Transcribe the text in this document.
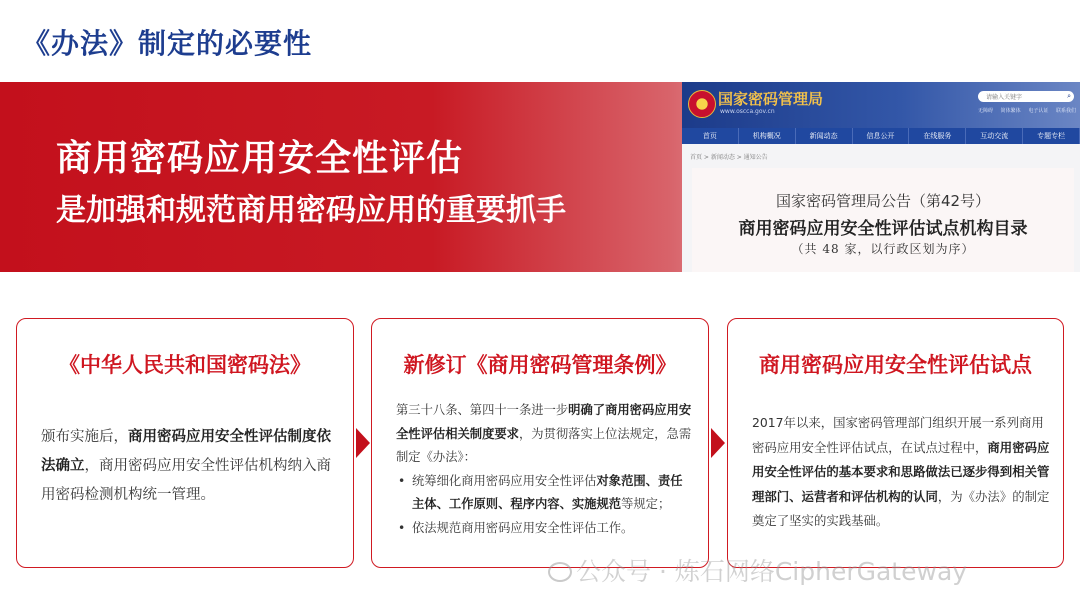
《办法》制定的必要性
商用密码应用安全性评估
是加强和规范商用密码应用的重要抓手
国家密码管理局
www.oscca.gov.cn
请输入关键字	⌕
无障碍 简体繁体 电子认证 联系我们
首页	机构概况	新闻动态	信息公开	在线服务	互动交流	专题专栏
首页 > 新闻动态 > 通知公告
国家密码管理局公告（第42号）
商用密码应用安全性评估试点机构目录
（共 48 家，以行政区划为序）
《中华人民共和国密码法》
颁布实施后，商用密码应用安全性评估制度依法确立，商用密码应用安全性评估机构纳入商用密码检测机构统一管理。
新修订《商用密码管理条例》
第三十八条、第四十一条进一步明确了商用密码应用安全性评估相关制度要求，为贯彻落实上位法规定，急需制定《办法》：
• 统筹细化商用密码应用安全性评估对象范围、责任主体、工作原则、程序内容、实施规范等规定；
• 依法规范商用密码应用安全性评估工作。
商用密码应用安全性评估试点
2017年以来，国家密码管理部门组织开展一系列商用密码应用安全性评估试点，在试点过程中，商用密码应用安全性评估的基本要求和思路做法已逐步得到相关管理部门、运营者和评估机构的认同，为《办法》的制定奠定了坚实的实践基础。
公众号 · 炼石网络CipherGateway
